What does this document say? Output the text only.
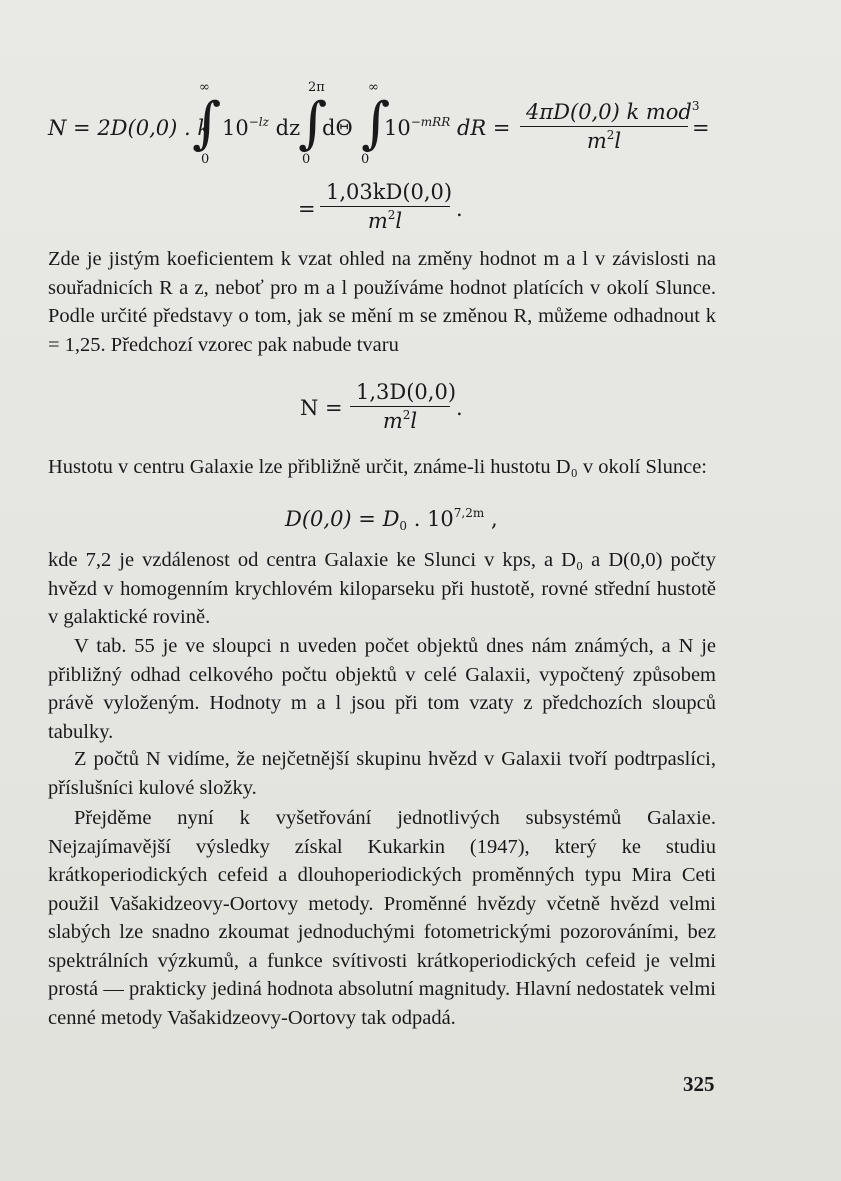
N = 2D(0,0) . k
∞
∫
0
$10^{-lz}$ dz
2π
∫
0
dΘ
∞
∫
0
$10^{-mRR}$ dR =
4πD(0,0) k mod$^3$
$m^2l$
=
= $\frac{1,03kD(0,0)}{m^2l}$ .
Zde je jistým koeficientem k vzat ohled na změny hodnot m a l v závislosti na souřadnicích R a z, neboť pro m a l používáme hodnot platících v okolí Slunce. Podle určité představy o tom, jak se mění m se změnou R, můžeme odhadnout k = 1,25. Předchozí vzorec pak nabude tvaru
$N = \frac{1,3D(0,0)}{m^2l}$ .
Hustotu v centru Galaxie lze přibližně určit, známe-li hustotu D₀ v okolí Slunce:
$D(0,0) = D_0$ . $10^{7,2m}$ ,
kde 7,2 je vzdálenost od centra Galaxie ke Slunci v kps, a D₀ a D(0,0) počty hvězd v homogenním krychlovém kiloparseku při hustotě, rovné střední hustotě v galaktické rovině.
V tab. 55 je ve sloupci n uveden počet objektů dnes nám známých, a N je přibližný odhad celkového počtu objektů v celé Galaxii, vypočtený způsobem právě vyloženým. Hodnoty m a l jsou při tom vzaty z předchozích sloupců tabulky.
Z počtů N vidíme, že nejčetnější skupinu hvězd v Galaxii tvoří podtrpaslíci, příslušníci kulové složky.
Přejděme nyní k vyšetřování jednotlivých subsystémů Galaxie. Nejzajímavější výsledky získal Kukarkin (1947), který ke studiu krátkoperiodických cefeid a dlouhoperiodických proměnných typu Mira Ceti použil Vašakidzeovy-Oortovy metody. Proměnné hvězdy včetně hvězd velmi slabých lze snadno zkoumat jednoduchými fotometrickými pozorováními, bez spektrálních výzkumů, a funkce svítivosti krátkoperiodických cefeid je velmi prostá — prakticky jediná hodnota absolutní magnitudy. Hlavní nedostatek velmi cenné metody Vašakidzeovy-Oortovy tak odpadá.
325
